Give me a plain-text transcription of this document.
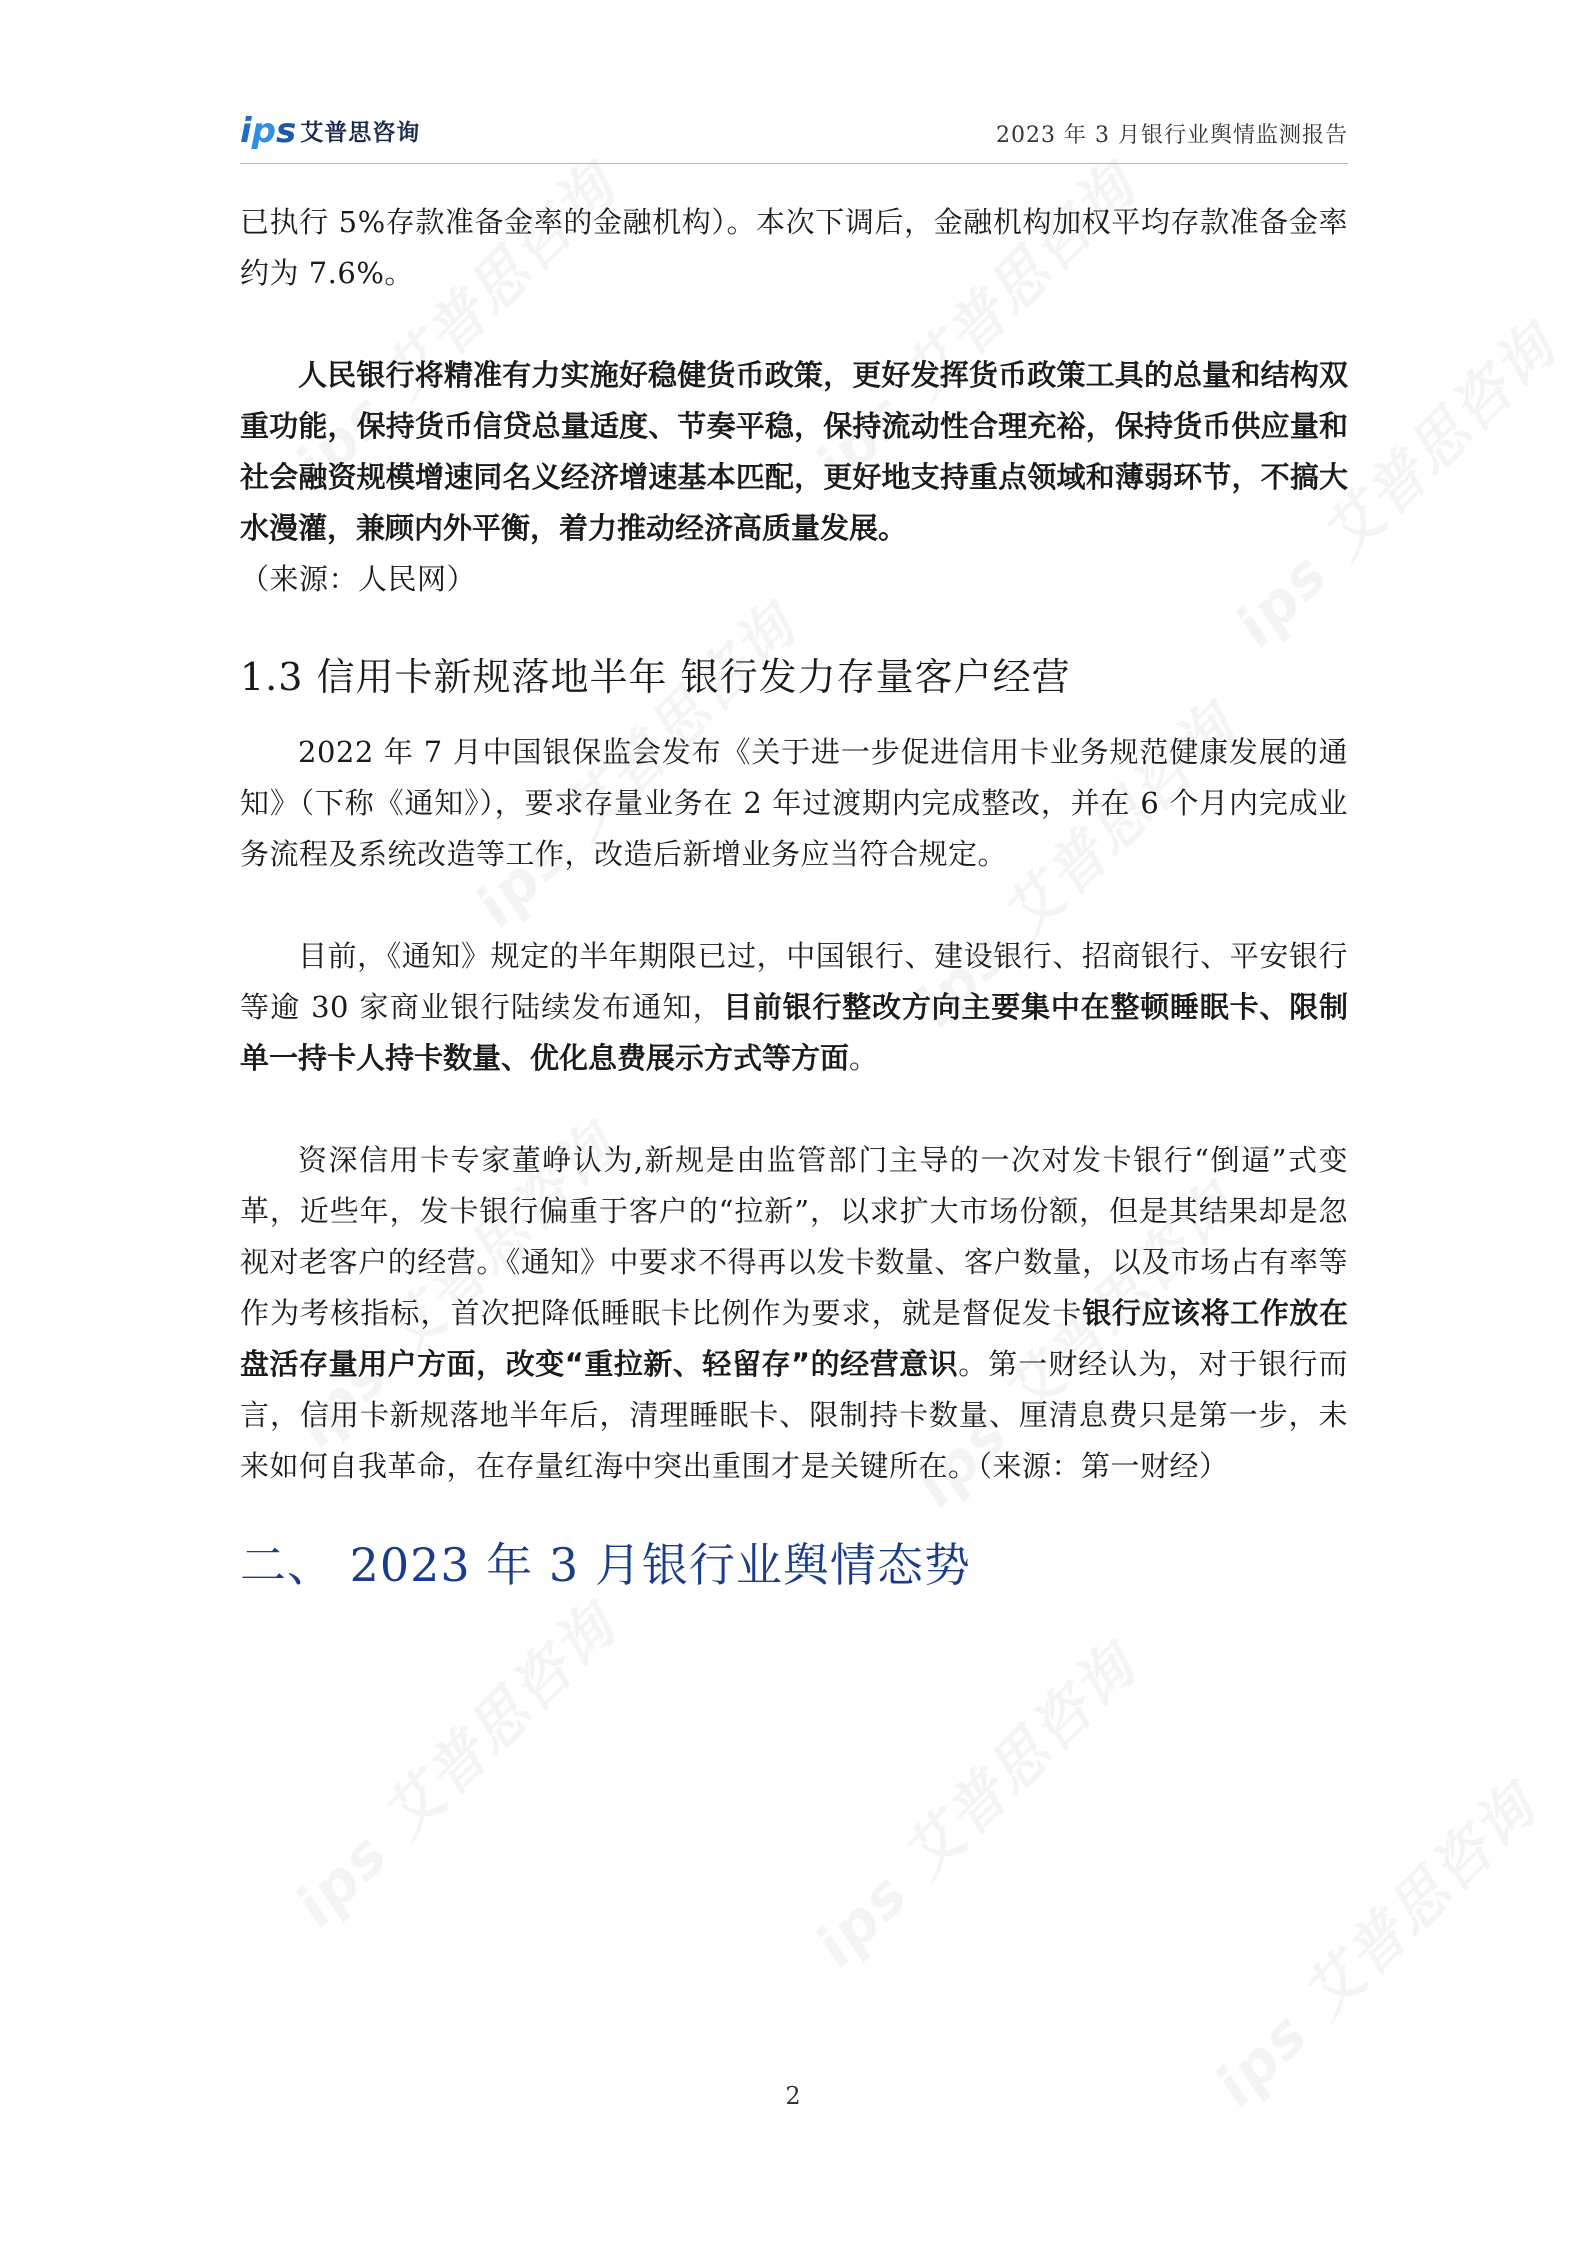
i p s 艾普思咨询	2023 年 3 月银行业舆情监测报告

已执行 5%存款准备金率的金融机构）。本次下调后，金融机构加权平均存款准备金率约为 7.6%。

人民银行将精准有力实施好稳健货币政策，更好发挥货币政策工具的总量和结构双重功能，保持货币信贷总量适度、节奏平稳，保持流动性合理充裕，保持货币供应量和社会融资规模增速同名义经济增速基本匹配，更好地支持重点领域和薄弱环节，不搞大水漫灌，兼顾内外平衡，着力推动经济高质量发展。

（来源：人民网）

1.3 信用卡新规落地半年 银行发力存量客户经营

2022 年 7 月中国银保监会发布《关于进一步促进信用卡业务规范健康发展的通知》（下称《通知》），要求存量业务在 2 年过渡期内完成整改，并在 6 个月内完成业务流程及系统改造等工作，改造后新增业务应当符合规定。

目前，《通知》规定的半年期限已过，中国银行、建设银行、招商银行、平安银行等逾 30 家商业银行陆续发布通知，目前银行整改方向主要集中在整顿睡眠卡、限制单一持卡人持卡数量、优化息费展示方式等方面。

资深信用卡专家董峥认为,新规是由监管部门主导的一次对发卡银行“倒逼”式变革，近些年，发卡银行偏重于客户的“拉新”，以求扩大市场份额，但是其结果却是忽视对老客户的经营。《通知》中要求不得再以发卡数量、客户数量，以及市场占有率等作为考核指标，首次把降低睡眠卡比例作为要求，就是督促发卡银行应该将工作放在盘活存量用户方面，改变“重拉新、轻留存”的经营意识。第一财经认为，对于银行而言，信用卡新规落地半年后，清理睡眠卡、限制持卡数量、厘清息费只是第一步，未来如何自我革命，在存量红海中突出重围才是关键所在。（来源：第一财经）

二、 2023 年 3 月银行业舆情态势
2
